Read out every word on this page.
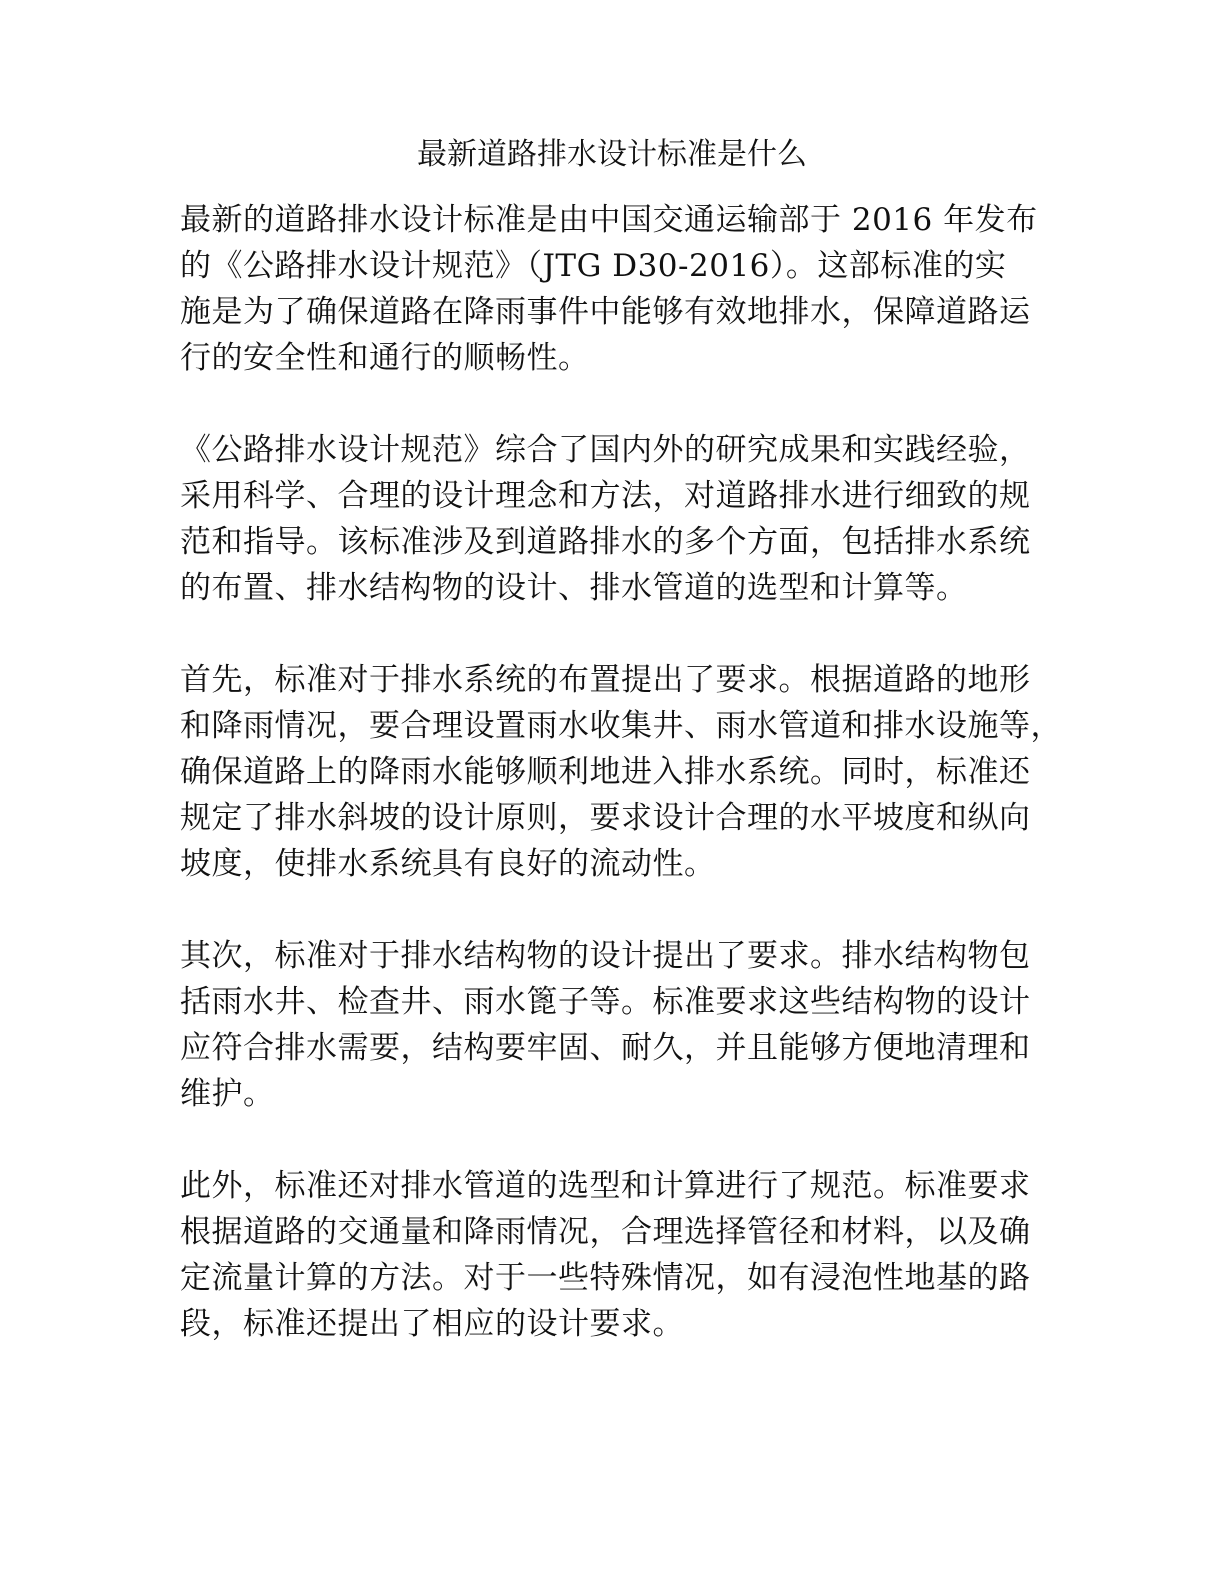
最新道路排水设计标准是什么
最新的道路排水设计标准是由中国交通运输部于 2016 年发布
的《公路排水设计规范》（JTG D30-2016）。这部标准的实
施是为了确保道路在降雨事件中能够有效地排水，保障道路运
行的安全性和通行的顺畅性。
《公路排水设计规范》综合了国内外的研究成果和实践经验，
采用科学、合理的设计理念和方法，对道路排水进行细致的规
范和指导。该标准涉及到道路排水的多个方面，包括排水系统
的布置、排水结构物的设计、排水管道的选型和计算等。
首先，标准对于排水系统的布置提出了要求。根据道路的地形
和降雨情况，要合理设置雨水收集井、雨水管道和排水设施等，
确保道路上的降雨水能够顺利地进入排水系统。同时，标准还
规定了排水斜坡的设计原则，要求设计合理的水平坡度和纵向
坡度，使排水系统具有良好的流动性。
其次，标准对于排水结构物的设计提出了要求。排水结构物包
括雨水井、检查井、雨水篦子等。标准要求这些结构物的设计
应符合排水需要，结构要牢固、耐久，并且能够方便地清理和
维护。
此外，标准还对排水管道的选型和计算进行了规范。标准要求
根据道路的交通量和降雨情况，合理选择管径和材料，以及确
定流量计算的方法。对于一些特殊情况，如有浸泡性地基的路
段，标准还提出了相应的设计要求。
